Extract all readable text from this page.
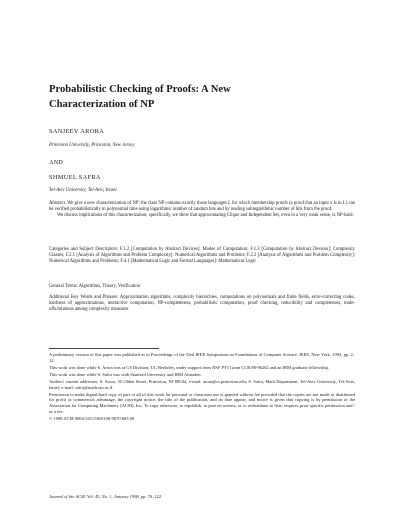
Probabilistic Checking of Proofs: A New
Characterization of NP

SANJEEV ARORA

Princeton University, Princeton, New Jersey

AND

SHMUEL SAFRA

Tel-Aviv University, Tel-Aviv, Israel

Abstract. We give a new characterization of NP: the class NP contains exactly those languages L for which membership proofs (a proof that an input x is in L) can be verified probabilistically in polynomial time using logarithmic number of random bits and by reading sublogarithmic number of bits from the proof.

We discuss implications of this characterization; specifically, we show that approximating Clique and Independent Set, even in a very weak sense, is NP-hard.

Categories and Subject Descriptors: F.1.2 [Computation by Abstract Devices]: Modes of Computation; F.1.3 [Computation by Abstract Devices]: Complexity Classes; F.2.1 [Analysis of Algorithms and Problem Complexity]: Numerical Algorithms and Problems; F.2.2 [Analysis of Algorithms and Problem Complexity]: Numerical Algorithms and Problems; F.4.1 [Mathematical Logic and Formal Languages]: Mathematical Logic

General Terms: Algorithms, Theory, Verification

Additional Key Words and Phrases: Approximation algorithms, complexity hierarchies, computations on polynomials and finite fields, error-correcting codes, hardness of approximations, interactive computation, NP-completeness, probabilistic computation, proof checking, reducibility and completeness, trade-offs/relations among complexity measures

A preliminary version of this paper was published as in Proceedings of the 33rd IEEE Symposium on Foundations of Computer Science. IEEE, New York, 1992, pp. 2–12.

This work was done while S. Arora was at CS Division, UC Berkeley, under support from NSF PYI Grant CCR 88-96202 and an IBM graduate fellowship.

This work was done while S. Safra was with Stanford University and IBM Almaden.

Authors' current addresses: S. Arora, 35 Olden Street, Princeton, NJ 08544, e-mail: arora@cs.princeton.edu; S. Safra, Math Department, Tel-Aviv University, Tel-Aviv, Israel, e-mail: safra@math.tau.ac.il.

Permission to make digital/hard copy of part or all of this work for personal or classroom use is granted without fee provided that the copies are not made or distributed for profit or commercial advantage, the copyright notice, the title of the publication, and its date appear, and notice is given that copying is by permission of the Association for Computing Machinery (ACM), Inc. To copy otherwise, to republish, to post on servers, or to redistribute to lists, requires prior specific permission and / or a fee.

© 1998 ACM 0004-5411/98/0100-0070 $05.00

Journal of the ACM, Vol. 45, No. 1, January 1998, pp. 70–122.
